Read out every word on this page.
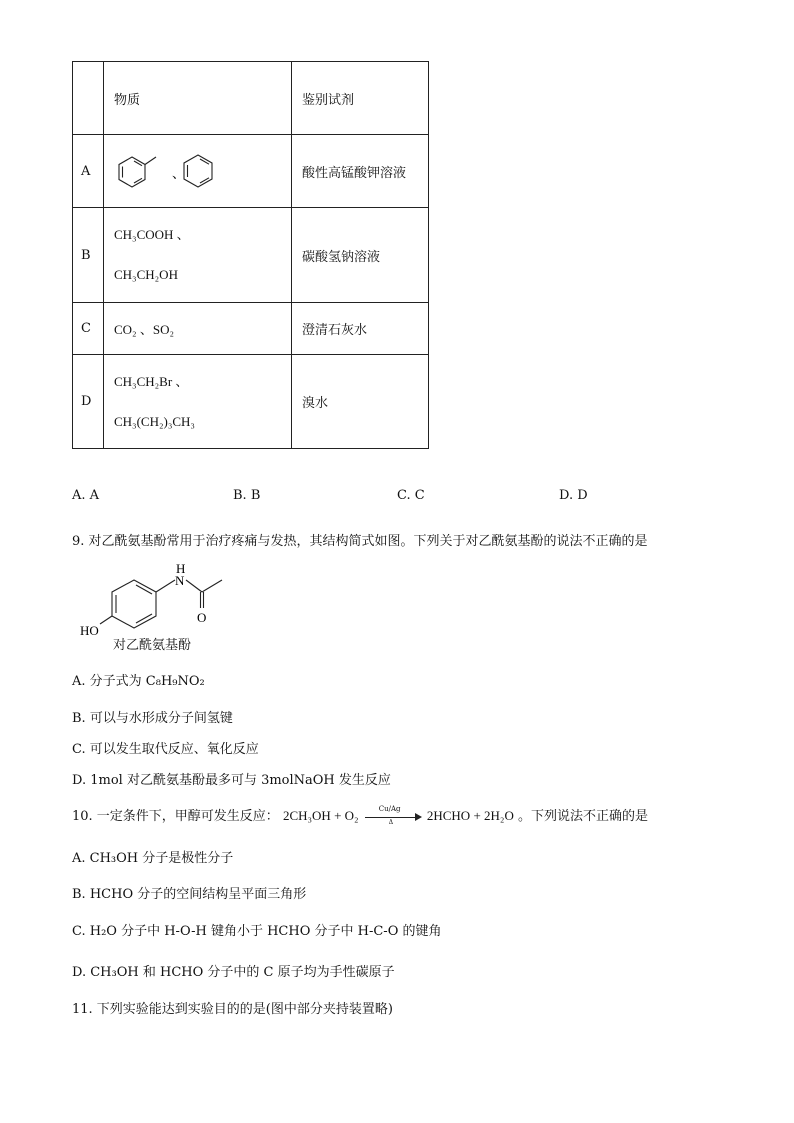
	物质	鉴别试剂
A	、	酸性高锰酸钾溶液
B	CH₃COOH 、
CH₃CH₂OH	碳酸氢钠溶液
C	CO₂ 、SO₂	澄清石灰水
D	CH₃CH₂Br 、
CH₃(CH₂)₃CH₃	溴水
A. A	B. B	C. C	D. D
9. 对乙酰氨基酚常用于治疗疼痛与发热，其结构简式如图。下列关于对乙酰氨基酚的说法不正确的是
H
N
O
HO
对乙酰氨基酚
A. 分子式为 C₈H₉NO₂
B. 可以与水形成分子间氢键
C. 可以发生取代反应、氧化反应
D. 1mol 对乙酰氨基酚最多可与 3molNaOH 发生反应
10. 一定条件下，甲醇可发生反应： $2CH_3OH + O_2 \frac{Cu/Ag}{\Delta}$ 2HCHO + 2H₂O 。下列说法不正确的是
A. CH₃OH 分子是极性分子
B. HCHO 分子的空间结构呈平面三角形
C. H₂O 分子中 H-O-H 键角小于 HCHO 分子中 H-C-O 的键角
D. CH₃OH 和 HCHO 分子中的 C 原子均为手性碳原子
11. 下列实验能达到实验目的的是(图中部分夹持装置略)
